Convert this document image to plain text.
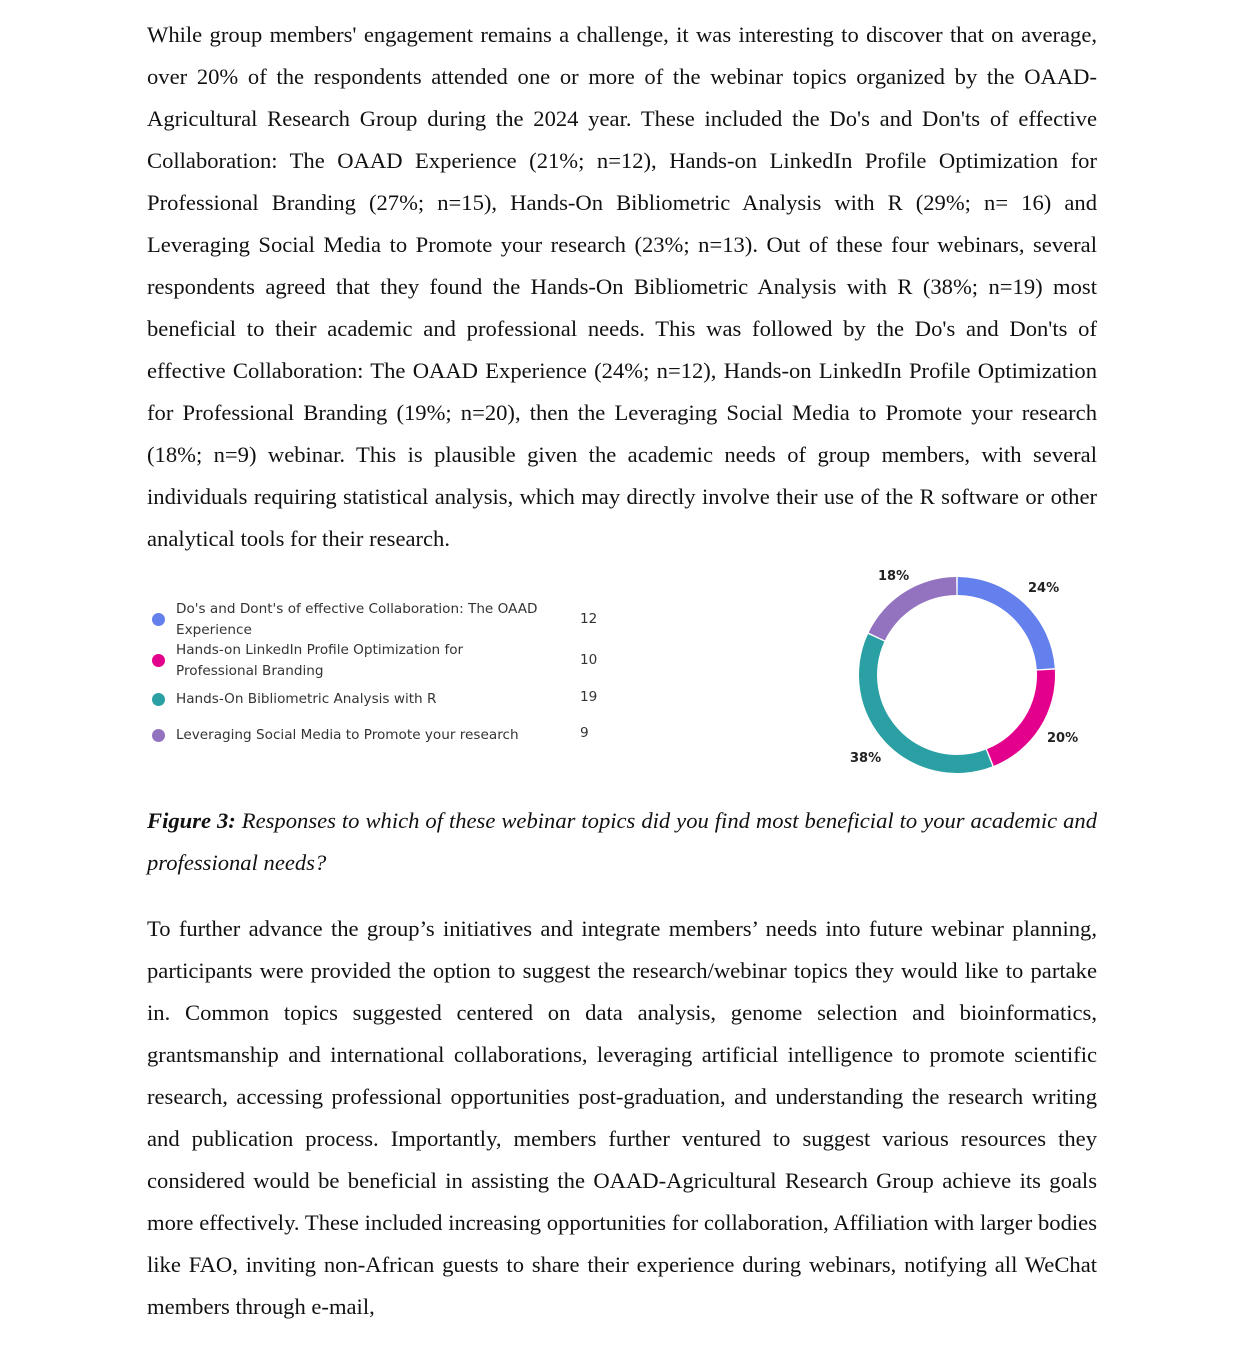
While group members' engagement remains a challenge, it was interesting to discover that on average, over 20% of the respondents attended one or more of the webinar topics organized by the OAAD-Agricultural Research Group during the 2024 year. These included the Do's and Don'ts of effective Collaboration: The OAAD Experience (21%; n=12), Hands-on LinkedIn Profile Optimization for Professional Branding (27%; n=15), Hands-On Bibliometric Analysis with R (29%; n= 16) and Leveraging Social Media to Promote your research (23%; n=13). Out of these four webinars, several respondents agreed that they found the Hands-On Bibliometric Analysis with R (38%; n=19) most beneficial to their academic and professional needs. This was followed by the Do's and Don'ts of effective Collaboration: The OAAD Experience (24%; n=12), Hands-on LinkedIn Profile Optimization for Professional Branding (19%; n=20), then the Leveraging Social Media to Promote your research (18%; n=9) webinar. This is plausible given the academic needs of group members, with several individuals requiring statistical analysis, which may directly involve their use of the R software or other analytical tools for their research.

Do's and Dont's of effective Collaboration: The OAAD Experience
12
Hands-on LinkedIn Profile Optimization for Professional Branding
10
Hands-On Bibliometric Analysis with R	19
Leveraging Social Media to Promote your research	9
18%
24%
20%
38%

Figure 3: Responses to which of these webinar topics did you find most beneficial to your academic and professional needs?

To further advance the group’s initiatives and integrate members’ needs into future webinar planning, participants were provided the option to suggest the research/webinar topics they would like to partake in. Common topics suggested centered on data analysis, genome selection and bioinformatics, grantsmanship and international collaborations, leveraging artificial intelligence to promote scientific research, accessing professional opportunities post-graduation, and understanding the research writing and publication process. Importantly, members further ventured to suggest various resources they considered would be beneficial in assisting the OAAD-Agricultural Research Group achieve its goals more effectively. These included increasing opportunities for collaboration, Affiliation with larger bodies like FAO, inviting non-African guests to share their experience during webinars, notifying all WeChat members through e-mail,
